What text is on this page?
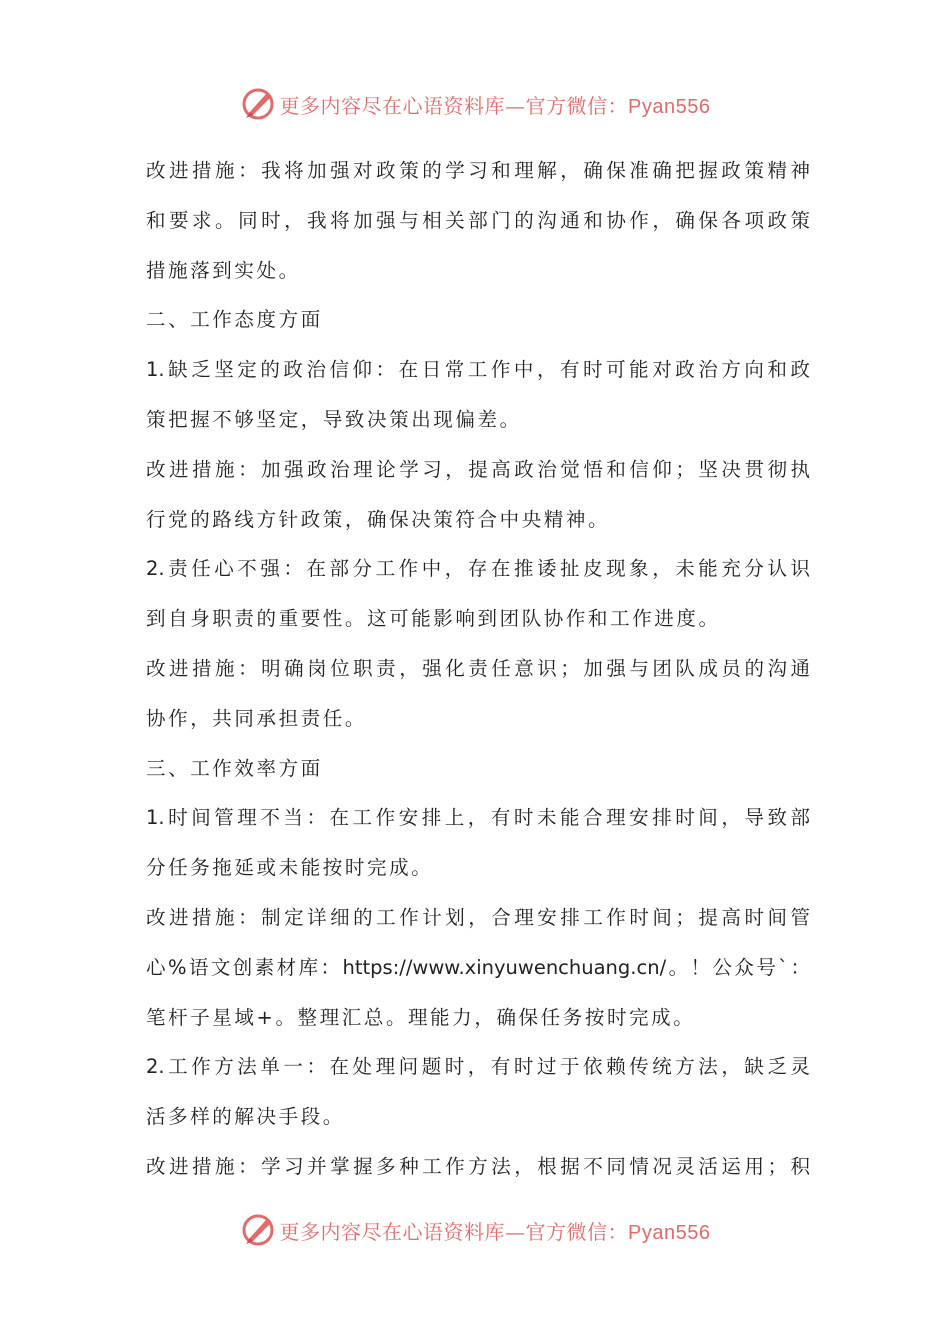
更多内容尽在心语资料库—官方微信：Pyan556
改进措施：我将加强对政策的学习和理解，确保准确把握政策精神
和要求。同时，我将加强与相关部门的沟通和协作，确保各项政策
措施落到实处。
二、工作态度方面
1.缺乏坚定的政治信仰：在日常工作中，有时可能对政治方向和政
策把握不够坚定，导致决策出现偏差。
改进措施：加强政治理论学习，提高政治觉悟和信仰；坚决贯彻执
行党的路线方针政策，确保决策符合中央精神。
2.责任心不强：在部分工作中，存在推诿扯皮现象，未能充分认识
到自身职责的重要性。这可能影响到团队协作和工作进度。
改进措施：明确岗位职责，强化责任意识；加强与团队成员的沟通
协作，共同承担责任。
三、工作效率方面
1.时间管理不当：在工作安排上，有时未能合理安排时间，导致部
分任务拖延或未能按时完成。
改进措施：制定详细的工作计划，合理安排工作时间；提高时间管
心%语文创素材库：https://www.xinyuwenchuang.cn/。！公众号`：
笔杆子星域+。整理汇总。理能力，确保任务按时完成。
2.工作方法单一：在处理问题时，有时过于依赖传统方法，缺乏灵
活多样的解决手段。
改进措施：学习并掌握多种工作方法，根据不同情况灵活运用；积
更多内容尽在心语资料库—官方微信：Pyan556
